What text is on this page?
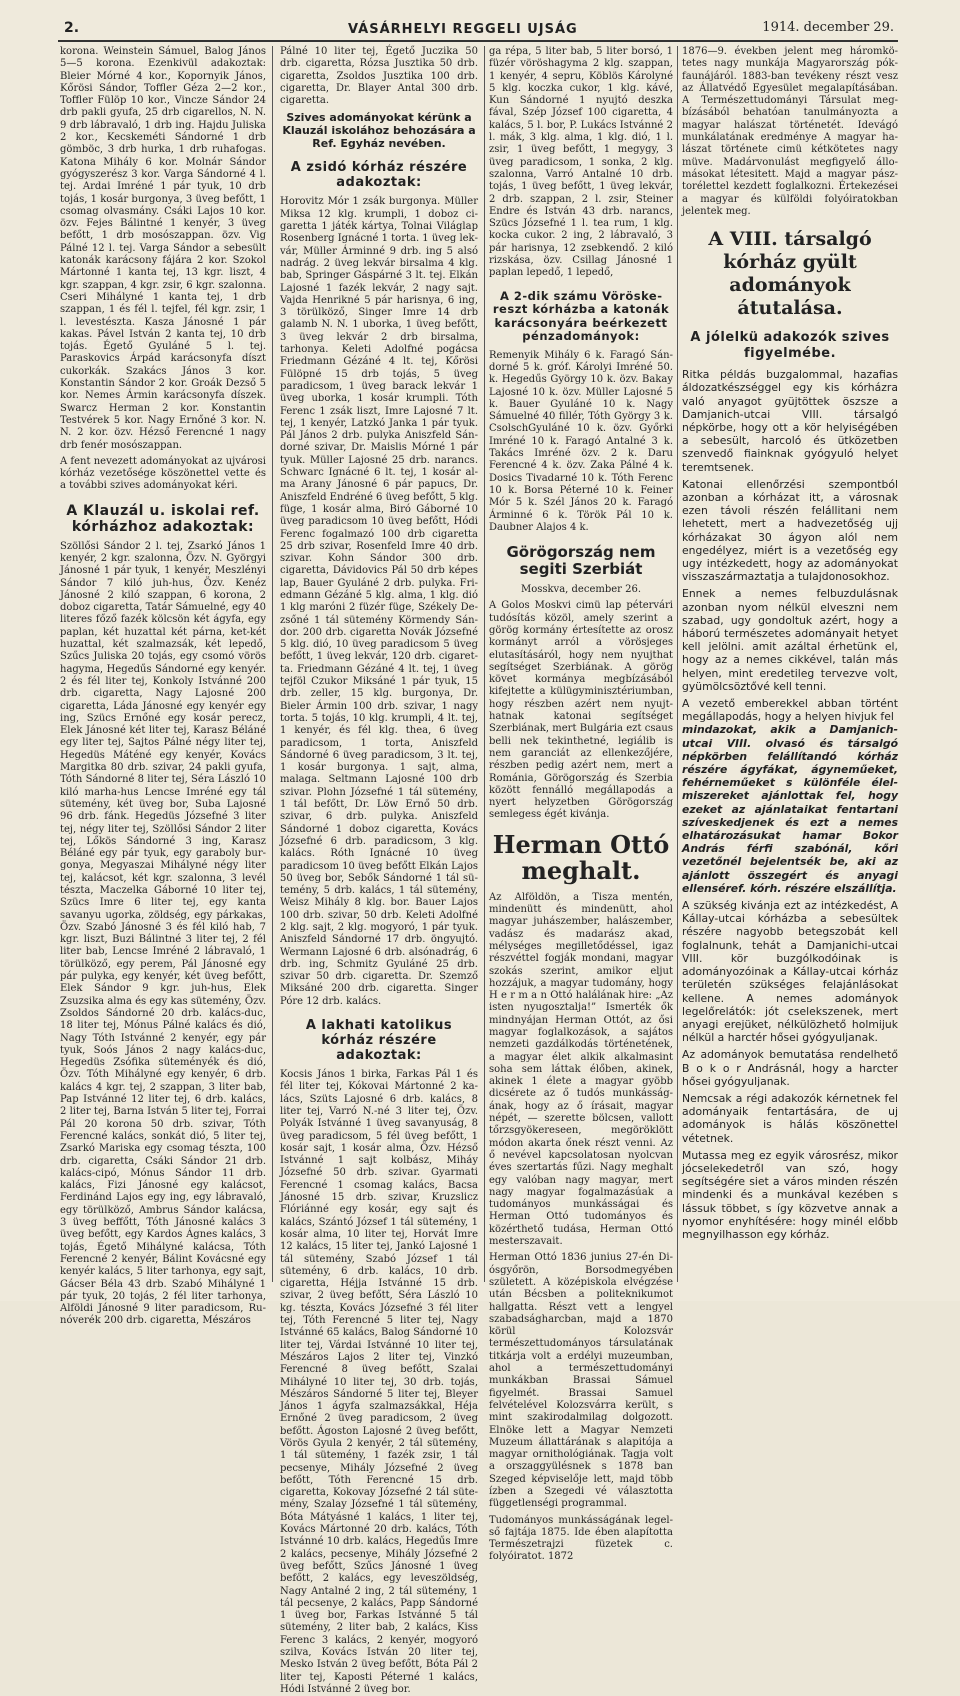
2.	VÁSÁRHELYI REGGELI UJSÁG	1914. december 29.

korona. Weinstein Sámuel, Balog János 5—5 korona. Ezenkivül adakoztak: Bleier Mórné 4 kor., Kopornyik János, Kőrösi Sándor, Toffler Géza 2—2 kor., Toffler Fülöp 10 kor., Vincze Sándor 24 drb pakli gyufa, 25 drb cigarellos, N. N. 9 drb lábravaló, 1 drb ing. Hajdu Juliska 2 kor., Kecskeméti Sándorné 1 drb gömböc, 3 drb hurka, 1 drb ruhafogas. Katona Mihály 6 kor. Molnár Sándor gyógyszerész 3 kor. Varga Sándorné 4 l. tej. Ardai Imréné 1 pár tyuk, 10 drb tojás, 1 kosár burgonya, 3 üveg befőtt, 1 csomag olvasmány. Csáki Lajos 10 kor. özv. Fejes Bálintné 1 kenyér, 3 üveg befőtt, 1 drb mosószappan. özv. Vig Pálné 12 l. tej. Varga Sándor a sebesült katonák karácsony fájára 2 kor. Szokol Mártonné 1 kanta tej, 13 kgr. liszt, 4 kgr. szappan, 4 kgr. zsir, 6 kgr. szalonna. Cseri Mihályné 1 kanta tej, 1 drb szappan, 1 és fél l. tejfel, fél kgr. zsir, 1 l. levestészta. Kasza Jánosné 1 pár kakas. Pável István 2 kanta tej, 10 drb tojás. Égető Gyuláné 5 l. tej. Paraskovics Árpád karácsonyfa díszt cukorkák. Szakács János 3 kor. Konstantin Sándor 2 kor. Groák Dezső 5 kor. Nemes Ármin karácsonyfa díszek. Swarcz Herman 2 kor. Konstantin Testvérek 5 kor. Nagy Ernőné 3 kor. N. N. 2 kor. özv. Hézső Ferencné 1 nagy drb fenér mosószappan.

A fent nevezett adományokat az ujvárosi kórház vezetősége köszönettel vette és a további szives adományokat kéri.

A Klauzál u. iskolai ref. kórházhoz adakoztak:

Szöllősi Sándor 2 l. tej, Zsarkó János 1 kenyér, 2 kgr. szalonna, Özv. N. Györgyi Jánosné 1 pár tyuk, 1 kenyér, Meszlényi Sándor 7 kiló juh-hus, Özv. Kenéz Jánosné 2 kiló szappan, 6 korona, 2 doboz cigaretta, Tatár Sámuelné, egy 40 literes főző fazék kölcsön két ágyfa, egy paplan, két huzattal két párna, ket-két huzattal, két szalmazsák, két lepedő, Szűcs Juliska 20 tojás, egy csomó vörös hagyma, Hegedűs Sándorné egy kenyér. 2 és fél liter tej, Konkoly Istvánné 200 drb. cigaretta, Nagy Lajosné 200 cigaretta, Láda Jánosné egy kenyér egy ing, Szücs Ernőné egy kosár perecz, Elek Jánosné két liter tej, Karasz Béláné egy liter tej, Sajtos Pálné négy liter tej, Hegedüs Máténé egy kenyér, Kovács Margitka 80 drb. szivar, 24 pakli gyufa, Tóth Sándorné 8 liter tej, Séra László 10 kiló marha-hus Lencse Imréné egy tál sütemény, két üveg bor, Suba Lajosné 96 drb. fánk. Hegedüs Józsefné 3 liter tej, négy liter tej, Szöllősi Sándor 2 liter tej, Lőkös Sándorné 3 ing, Karasz Béláné egy pár tyuk, egy garaboly burgonya, Megyaszai Mihályné négy liter tej, kalácsot, két kgr. szalonna, 3 levél tészta, Maczelka Gáborné 10 liter tej, Szücs Imre 6 liter tej, egy kanta savanyu ugorka, zöldség, egy párkakas, Özv. Szabó Jánosné 3 és fél kiló hab, 7 kgr. liszt, Buzi Bálintné 3 liter tej, 2 fél liter bab, Lencse Imréné 2 lábravaló, 1 törülköző, egy perem, Pál Jánosné egy pár pulyka, egy kenyér, két üveg befőtt, Elek Sándor 9 kgr. juh-hus, Elek Zsuzsika alma és egy kas sütemény, Özv. Zsoldos Sándorné 20 drb. kalács-duc, 18 liter tej, Mónus Pálné kalács és dió, Nagy Tóth Istvánné 2 kenyér, egy pár tyuk, Soós János 2 nagy kalács-duc, Hegedüs Zsófika süteményék és dió, Özv. Tóth Mihályné egy kenyér, 6 drb. kalács 4 kgr. tej, 2 szappan, 3 liter bab, Pap Istvánné 12 liter tej, 6 drb. kalács, 2 liter tej, Barna István 5 liter tej, Forrai Pál 20 korona 50 drb. szivar, Tóth Ferencné kalács, sonkát dió, 5 liter tej, Zsarkó Mariska egy csomag tészta, 100 drb. cigaretta, Csáki Sándor 21 drb. kalács-cipó, Mónus Sándor 11 drb. kalács, Fizi Jánosné egy kalácsot, Ferdinánd Lajos egy ing, egy lábravaló, egy törülköző, Ambrus Sándor kalácsa, 3 üveg beffőtt, Tóth Jánosné kalács 3 üveg befőtt, egy Kardos Ágnes kalács, 3 tojás, Égető Mihályné kalácsa, Tóth Ferencné 2 kenyér, Bálint Kovácsné egy kenyér kalács, 5 liter tarhonya, egy sajt, Gácser Béla 43 drb. Szabó Mihályné 1 pár tyuk, 20 tojás, 2 fél liter tarhonya, Alföldi Jánosné 9 liter paradicsom, Runóverék 200 drb. cigaretta, Mészáros

Pálné 10 liter tej, Égető Juczika 50 drb. cigaretta, Rózsa Jusztika 50 drb. cigaretta, Zsoldos Jusztika 100 drb. cigaretta, Dr. Blayer Antal 300 drb. cigaretta.

Szives adományokat kérünk a Klauzál iskolához behozására a Ref. Egyház nevében.
A zsidó kórház részére adakoztak:

Horovitz Mór 1 zsák burgonya. Müller Miksa 12 klg. krumpli, 1 doboz cigaretta 1 játék kártya, Tolnai Világlap Rosenberg Ignácné 1 torta. 1 üveg lekvár, Müller Árminné 9 drb. ing 5 alsó nadrág. 2 üveg lekvár birsalma 4 klg. bab, Springer Gáspárné 3 lt. tej. Elkán Lajosné 1 fazék lekvár, 2 nagy sajt. Vajda Henrikné 5 pár harisnya, 6 ing, 3 törülköző, Singer Imre 14 drb galamb N. N. 1 uborka, 1 üveg befőtt, 3 üveg lekvár 2 drb birsalma, tarhonya. Keleti Adolfné pogácsa Friedmann Gézáné 4 lt. tej, Kőrösi Fülöpné 15 drb tojás, 5 üveg paradicsom, 1 üveg barack lekvár 1 üveg uborka, 1 kosár krumpli. Tóth Ferenc 1 zsák liszt, Imre Lajosné 7 lt. tej, 1 kenyér, Latzkó Janka 1 pár tyuk. Pál János 2 drb. pulyka Aniszfeld Sándorné szivar, Dr. Maislis Mórné 1 pár tyuk. Müller Lajosné 25 drb. narancs. Schwarc Ignácné 6 lt. tej, 1 kosár alma Arany Jánosné 6 pár papucs, Dr. Aniszfeld Endréné 6 üveg befőtt, 5 klg. füge, 1 kosár alma, Biró Gáborné 10 üveg paradicsom 10 üveg befőtt, Hódi Ferenc fogalmazó 100 drb cigaretta 25 drb szivar, Rosenfeld Imre 40 drb. szivar. Kohn Sándor 300 drb. cigaretta, Dávidovics Pál 50 drb képes lap, Bauer Gyuláné 2 drb. pulyka. Friedmann Gézáné 5 klg. alma, 1 klg. dió 1 klg maróni 2 füzér füge, Székely Dezsőné 1 tál sütemény Körmendy Sándor. 200 drb. cigaretta Novák Józsefné 5 klg. dió, 10 üveg paradicsom 5 üveg befőtt, 1 üveg lekvár, 120 drb. cigaretta. Friedmann Gézáné 4 lt. tej, 1 üveg tejföl Czukor Miksáné 1 pár tyuk, 15 drb. zeller, 15 klg. burgonya, Dr. Bieler Ármin 100 drb. szivar, 1 nagy torta. 5 tojás, 10 klg. krumpli, 4 lt. tej, 1 kenyér, és fél klg. thea, 6 üveg paradicsom, 1 torta, Aniszfeld Sándorné 6 üveg paradicsom, 3 lt. tej, 1 kosár burgonya. 1 sajt, alma, malaga. Seltmann Lajosné 100 drb szivar. Plohn Józsefné 1 tál sütemény, 1 tál befőtt, Dr. Löw Ernő 50 drb. szivar, 6 drb. pulyka. Aniszfeld Sándorné 1 doboz cigaretta, Kovács Józsefné 6 drb. paradicsom, 3 klg. kalács. Róth Ignácné 10 üveg paradicsom 10 üveg befőtt Elkán Lajos 50 üveg bor, Sebők Sándorné 1 tál sütemény, 5 drb. kalács, 1 tál sütemény, Weisz Mihály 8 klg. bor. Bauer Lajos 100 drb. szivar, 50 drb. Keleti Adolfné 2 klg. sajt, 2 klg. mogyoró, 1 pár tyuk. Aniszfeld Sándorné 17 drb. öngyujtó. Wermann Lajosné 6 drb. alsónadrág, 6 drb. ing, Schmitz Gyuláné 25 drb. szivar 50 drb. cigaretta. Dr. Szemző Miksáné 200 drb. cigaretta. Singer Póre 12 drb. kalács.

A lakhati katolikus kórház részére adakoztak:

Kocsis János 1 birka, Farkas Pál 1 és fél liter tej, Kókovai Mártonné 2 kalács, Szüts Lajosné 6 drb. kalács, 8 liter tej, Varró N.-né 3 liter tej, Özv. Polyák Istvánné 1 üveg savanyuság, 8 üveg paradicsom, 5 fél üveg befőtt, 1 kosár sajt, 1 kosár alma, Özv. Hézső Istvánné 1 sajt kolbász, Miháy Józsefné 50 drb. szivar. Gyarmati Ferencné 1 csomag kalács, Bacsa Jánosné 15 drb. szivar, Kruzslicz Flóriánné egy kosár, egy sajt és kalács, Szántó József 1 tál sütemény, 1 kosár alma, 10 liter tej, Horvát Imre 12 kalács, 15 liter tej, Jankó Lajosné 1 tál sütemény, Szabó József 1 tál sütemény, 6 drb. kalács, 10 drb. cigaretta, Héjja Istvánné 15 drb. szivar, 2 üveg befőtt, Séra László 10 kg. tészta, Kovács Józsefné 3 fél liter tej, Tóth Ferencné 5 liter tej, Nagy Istvánné 65 kalács, Balog Sándorné 10 liter tej, Várdai Istvánné 10 liter tej, Mészáros Lajos 2 liter tej, Vinzkó Ferencné 8 üveg befőtt, Szalai Mihályné 10 liter tej, 30 drb. tojás, Mészáros Sándorné 5 liter tej, Bleyer János 1 ágyfa szalmazsákkal, Héja Ernőné 2 üveg paradicsom, 2 üveg befőtt. Ágoston Lajosné 2 üveg befőtt, Vörös Gyula 2 kenyér, 2 tál sütemény, 1 tál sütemény, 1 fazék zsir, 1 tál pecsenye, Mihály Józsefné 2 üveg befőtt, Tóth Ferencné 15 drb. cigaretta, Kokovay Józsefné 2 tál sütemény, Szalay Józsefné 1 tál sütemény, Bóta Mátyásné 1 kalács, 1 liter tej, Kovács Mártonné 20 drb. kalács, Tóth Istvánné 10 drb. kalács, Hegedűs Imre 2 kalács, pecsenye, Mihály Józsefné 2 üveg befőtt, Szűcs Jánosné 1 üveg befőtt, 2 kalács, egy leveszöldség, Nagy Antalné 2 ing, 2 tál sütemény, 1 tál pecsenye, 2 kalács, Papp Sándorné 1 üveg bor, Farkas Istvánné 5 tál sütemény, 2 liter bab, 2 kalács, Kiss Ferenc 3 kalács, 2 kenyér, mogyoró szilva, Kovács István 20 liter tej, Mesko István 2 üveg befőtt, Bóta Pál 2 liter tej, Kaposti Péterné 1 kalács, Hódi Istvánné 2 üveg bor.

ga répa, 5 liter bab, 5 liter borsó, 1 füzér vöröshagyma 2 klg. szappan, 1 kenyér, 4 sepru, Köblös Károlyné 5 klg. koczka cukor, 1 klg. kávé, Kun Sándorné 1 nyujtó deszka fával, Szép József 100 cigaretta, 4 kalács, 5 l. bor, P. Lukács Istvánné 2 l. mák, 3 klg. alma, 1 klg. dió, 1 l. zsir, 1 üveg befőtt, 1 megygy, 3 üveg paradicsom, 1 sonka, 2 klg. szalonna, Varró Antalné 10 drb. tojás, 1 üveg befőtt, 1 üveg lekvár, 2 drb. szappan, 2 l. zsir, Steiner Endre és István 43 drb. narancs, Szücs Józsefné 1 l. tea rum, 1 klg. kocka cukor. 2 ing, 2 lábravaló, 3 pár harisnya, 12 zsebkendő. 2 kiló rizskása, özv. Csillag Jánosné 1 paplan lepedő, 1 lepedő,

A 2-dik számu Vöröskereszt kórházba a katonák karácsonyára beérkezett pénzadományok:

Remenyik Mihály 6 k. Faragó Sándorné 5 k. gróf. Károlyi Imréné 50. k. Hegedűs György 10 k. özv. Bakay Lajosné 10 k. özv. Müller Lajosné 5 k. Bauer Gyuláné 10 k. Nagy Sámuelné 40 fillér, Tóth György 3 k. CsolschGyuláné 10 k. özv. Győrki Imréné 10 k. Faragó Antalné 3 k. Takács Imréné özv. 2 k. Daru Ferencné 4 k. özv. Zaka Pálné 4 k. Dosics Tivadarné 10 k. Tóth Ferenc 10 k. Borsa Péterné 10 k. Feiner Mór 5 k. Szél János 20 k. Faragó Árminné 6 k. Török Pál 10 k. Daubner Alajos 4 k.

Görögország nem segiti Szerbiát
Mosskva, december 26.

A Golos Moskvi cimü lap pétervári tudósítás közöl, amely szerint a görög kormány értesítette az orosz kormányt arról a vörösjeges elutasításáról, hogy nem nyujthat segítséget Szerbiának. A görög követ kormánya megbízásából kifejtette a külügyminisztériumban, hogy részben azért nem nyujthatnak katonai segítséget Szerbiának, mert Bulgária ezt csaus belli nek tekinthetné, legiálib is nem garanciát az ellenkezőjére, részben pedig azért nem, mert a Románia, Görögország és Szerbia között fennálló megállapodás a nyert helyzetben Görögország semlegess égét kivánja.

Herman Ottó meghalt.

Az Alföldön, a Tisza mentén, mindenütt és mindenütt, ahol magyar juhászember, halászember, vadász és madarász akad, mélységes megilletődéssel, igaz részvéttel fogják mondani, magyar szokás szerint, amikor eljut hozzájuk, a magyar tudomány, hogy H e r m a n Ottó halálának hire: „Az isten nyugosztalja!” Ismerték ők mindnyájan Herman Ottót, az ősi magyar foglalkozások, a sajátos nemzeti gazdálkodás történetének, a magyar élet alkik alkalmasint soha sem láttak élőben, akinek, akinek 1 élete a magyar gyöbb dicsérete az ő tudós munkásságának, hogy az ő írásait, magyar népét, — szerette bölcsen, vallott tőrzsgyökereseen, megöröklött módon akarta őnek részt venni. Az ő nevével kapcsolatosan nyolcvan éves szertartás fűzi. Nagy meghalt egy valóban nagy magyar, mert nagy magyar fogalmazásúak a tudományos munkásságai és Herman Ottó tudományos és közérthető tudása, Herman Ottó mesterszavait.

Herman Ottó 1836 junius 27-én Diósgyőrön, Borsodmegyében született. A középiskola elvégzése után Bécsben a politeknikumot hallgatta. Részt vett a lengyel szabadságharcban, majd a 1870 körül Kolozsvár természettudományos társulatának titkárja volt a erdélyi muzeumban, ahol a természettudományi munkákban Brassai Sámuel figyelmét. Brassai Samuel felvételével Kolozsvárra került, s mint szakirodalmilag dolgozott. Elnöke lett a Magyar Nemzeti Muzeum állattárának s alapitója a magyar ornithológiának. Tagja volt a orszaggyülésnek s 1878 ban Szeged képviselője lett, majd több ízben a Szegedi vé választotta függetlenségi programmal.

Tudományos munkásságának legelső fajtája 1875. Ide ében alapította Természetrajzi füzetek c. folyóiratot. 1872

1876—9. években jelent meg háromkötetes nagy munkája Magyarország pókfaunájáról. 1883-ban tevékeny részt vesz az Állatvédő Egyesület megalapításában. A Természettudományi Társulat megbízásából behatóan tanulmányozta a magyar halászat történetét. Idevágó munkálatának eredménye A magyar halászat története cimü kétkötetes nagy müve. Madárvonulást megfigyelő állomásokat létesitett. Majd a magyar pásztorélettel kezdett foglalkozni. Értekezései a magyar és külföldi folyóiratokban jelentek meg.

A VIII. társalgó kórház gyült adományok átutalása.
A jólelkü adakozók szives figyelmébe.

Ritka példás buzgalommal, hazafias áldozatkészséggel egy kis kórházra való anyagot gyüjtöttek öszsze a Damjanich-utcai VIII. társalgó népkörbe, hogy ott a kör helyiségében a sebesült, harcoló és ütközetben szenvedő fiainknak gyógyuló helyet teremtsenek.

Katonai ellenőrzési szempontból azonban a kórházat itt, a városnak ezen távoli részén felállitani nem lehetett, mert a hadvezetőség ujj kórházakat 30 ágyon alól nem engedélyez, miért is a vezetőség egy ugy intézkedett, hogy az adományokat visszaszármaztatja a tulajdonosokhoz.

Ennek a nemes felbuzdulásnak azonban nyom nélkül elveszni nem szabad, ugy gondoltuk azért, hogy a háború természetes adományait hetyet kell jelölni. amit azáltal érhetünk el, hogy az a nemes cikkével, talán más helyen, mint eredetileg tervezve volt, gyümölcsöztővé kell tenni.

A vezető emberekkel abban történt megállapodás, hogy a helyen hivjuk fel

mindazokat, akik a Damjanich-utcai VIII. olvasó és társalgó népkörben felállítandó kórház részére ágyfákat, ágyneműeket, fehérneműeket s különféle élelmiszereket ajánlottak fel, hogy ezeket az ajánlataikat fentartani szíveskedjenek és ezt a nemes elhatározásukat hamar Bokor András férfi szabónál, kőri vezetőnél bejelentsék be, aki az ajánlott összegért és anyagi ellenséref. kórh. részére elszállítja.

A szükség kivánja ezt az intézkedést, A Kállay-utcai kórházba a sebesültek részére nagyobb betegszobát kell foglalnunk, tehát a Damjanichi-utcai VIII. kör buzgólkodóinak is adományozóinak a Kállay-utcai kórház területén szükséges felajánlásokat kellene. A nemes adományok legelőrelátók: jót cselekszenek, mert anyagi erejüket, nélkülözhető holmijuk nélkül a harctér hősei gyógyuljanak.

Az adományok bemutatása rendelhető B o k o r Andrásnál, hogy a harcter hősei gyógyuljanak.

Nemcsak a régi adakozók kérnetnek fel adományaik fentartására, de uj adományok is hálás köszönettel vétetnek.

Mutassa meg ez egyik városrész, mikor jócselekedetről van szó, hogy segítségére siet a város minden részén mindenki és a munkával kezében s lássuk többet, s így közvetve annak a nyomor enyhítésére: hogy minél előbb megnyilhasson egy kórház.
